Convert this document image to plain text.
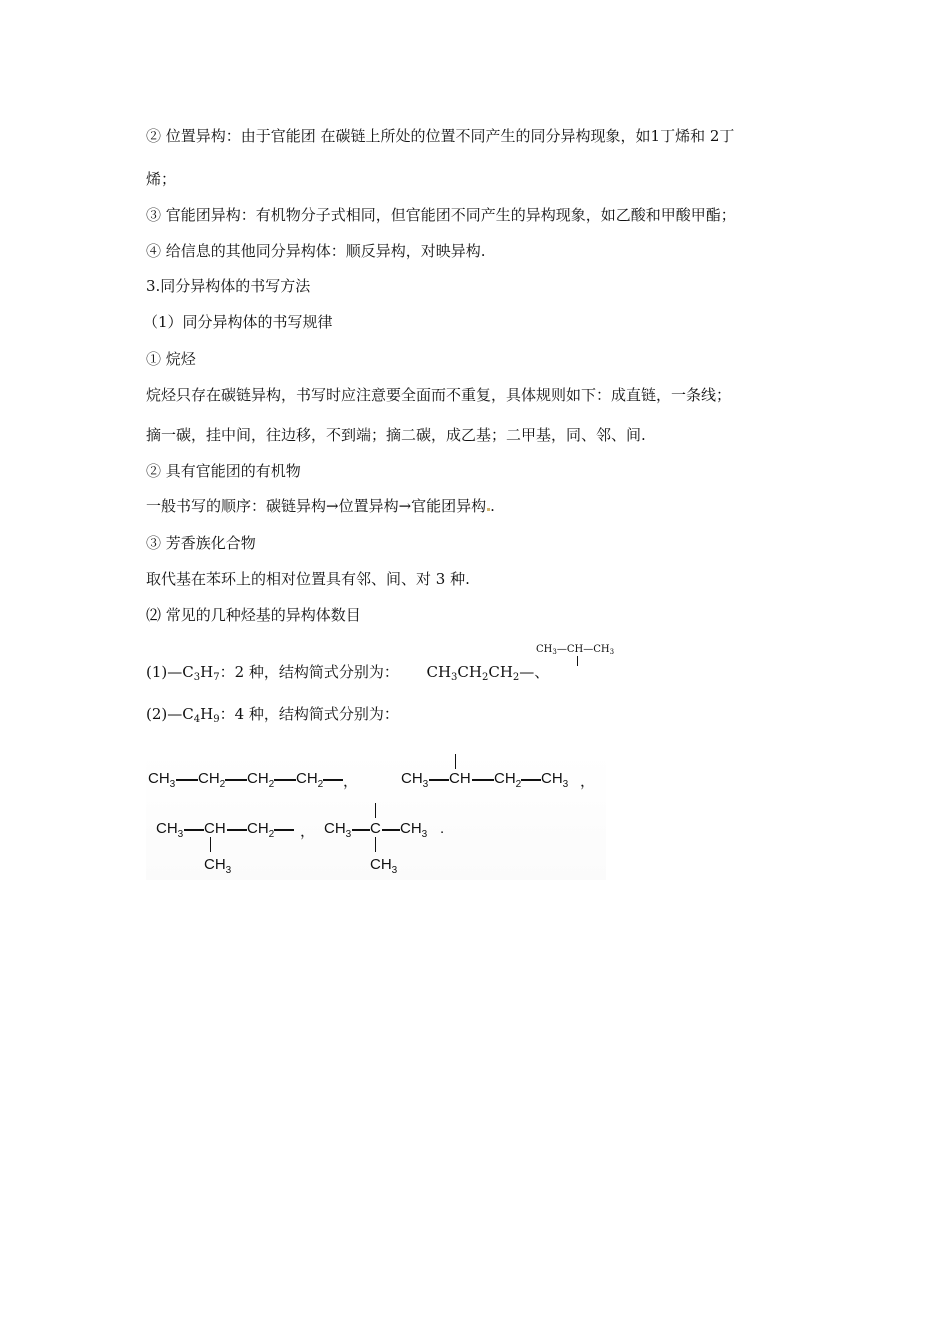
② 位置异构：由于官能团 在碳链上所处的位置不同产生的同分异构现象，如1丁烯和 2丁
烯；
③ 官能团异构：有机物分子式相同，但官能团不同产生的异构现象，如乙酸和甲酸甲酯；
④ 给信息的其他同分异构体：顺反异构，对映异构.
3.同分异构体的书写方法
（1）同分异构体的书写规律
① 烷烃
烷烃只存在碳链异构，书写时应注意要全面而不重复，具体规则如下：成直链，一条线；
摘一碳，挂中间，往边移，不到端；摘二碳，成乙基；二甲基，同、邻、间.
② 具有官能团的有机物
一般书写的顺序：碳链异构→位置异构→官能团异构 .
③ 芳香族化合物
取代基在苯环上的相对位置具有邻、间、对 3 种.
⑵ 常见的几种烃基的异构体数目
$(1)—C_3H_7$：2 种，结构简式分别为： $CH_3CH_2CH_2—$、
$CH_3—CH—CH_3$
$(2)—C_4H_9$：4 种，结构简式分别为：
$CH_3$ $CH_2$ $CH_2$ $CH_2$ ，	$CH_3$ CH $CH_2$ $CH_3$ ，
$CH_3$ CH $CH_2$
$CH_3$
， $CH_3$ C $CH_3$
$CH_3$
.
